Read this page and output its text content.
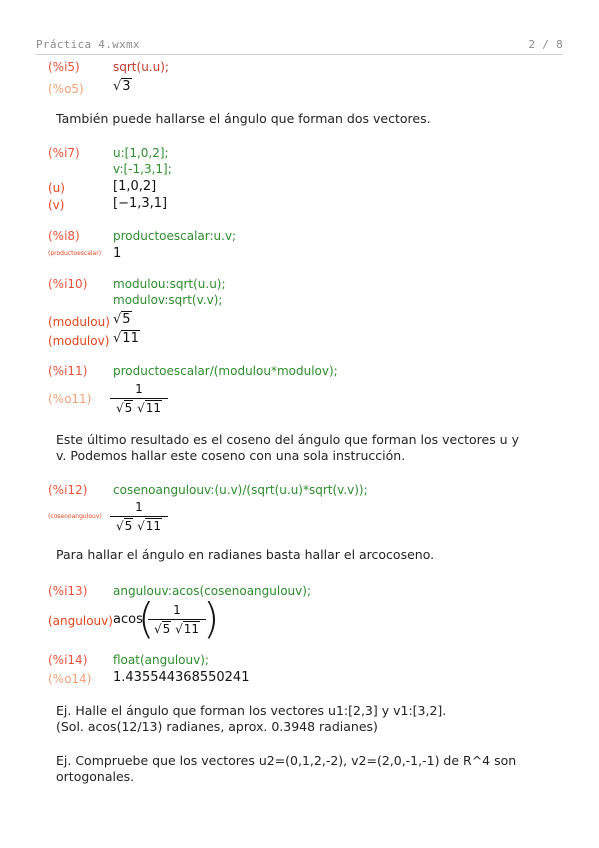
Práctica 4.wxmx	2 / 8
(%i5)	sqrt(u.u);
(%o5) √3
También puede hallarse el ángulo que forman dos vectores.
(%i7)	u:[1,0,2];
v:[-1,3,1];
(u)	[1,0,2]
(v)	[−1,3,1]
(%i8)	productoescalar:u.v;
(productoescalar) 1
(%i10) modulou:sqrt(u.u);
modulov:sqrt(v.v);
(modulou) √5
(modulov) √11
(%i11) productoescalar/(modulou*modulov);
(%o11)
1
√5 √11
Este último resultado es el coseno del ángulo que forman los vectores u y
v. Podemos hallar este coseno con una sola instrucción.
(%i12) cosenoangulouv:(u.v)/(sqrt(u.u)*sqrt(v.v));
(cosenoangulouv)
1
√5 √11
Para hallar el ángulo en radianes basta hallar el arcocoseno.
(%i13) angulouv:acos(cosenoangulouv);
(angulouv) acos
(	1
√5 √11 )
(%i14) float(angulouv);
(%o14) 1.435544368550241
Ej. Halle el ángulo que forman los vectores u1:[2,3] y v1:[3,2].
(Sol. acos(12/13) radianes, aprox. 0.3948 radianes)
Ej. Compruebe que los vectores u2=(0,1,2,-2), v2=(2,0,-1,-1) de R^4 son
ortogonales.
